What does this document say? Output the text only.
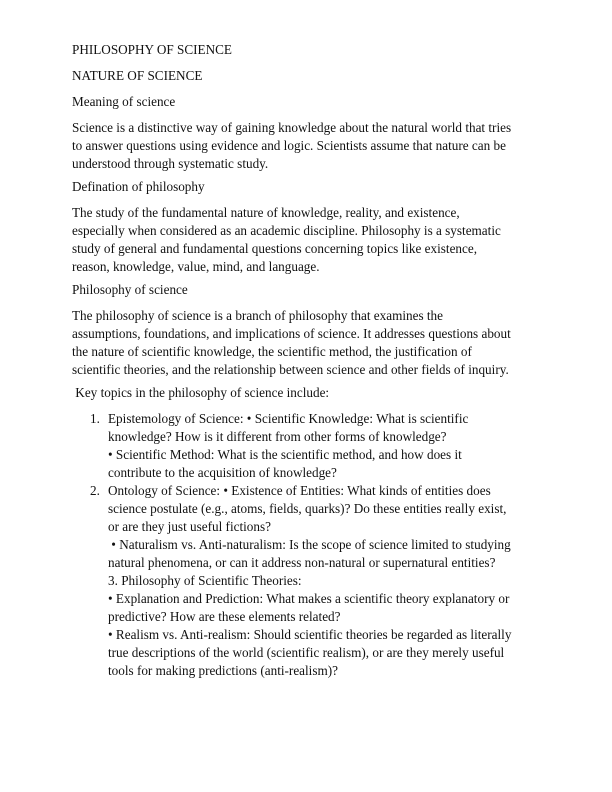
PHILOSOPHY OF SCIENCE
NATURE OF SCIENCE
Meaning of science
Science is a distinctive way of gaining knowledge about the natural world that tries
to answer questions using evidence and logic. Scientists assume that nature can be
understood through systematic study.
Defination of philosophy
The study of the fundamental nature of knowledge, reality, and existence,
especially when considered as an academic discipline. Philosophy is a systematic
study of general and fundamental questions concerning topics like existence,
reason, knowledge, value, mind, and language.
Philosophy of science
The philosophy of science is a branch of philosophy that examines the
assumptions, foundations, and implications of science. It addresses questions about
the nature of scientific knowledge, the scientific method, the justification of
scientific theories, and the relationship between science and other fields of inquiry.
Key topics in the philosophy of science include:
1. Epistemology of Science: • Scientific Knowledge: What is scientific
knowledge? How is it different from other forms of knowledge?
• Scientific Method: What is the scientific method, and how does it
contribute to the acquisition of knowledge?
2. Ontology of Science: • Existence of Entities: What kinds of entities does
science postulate (e.g., atoms, fields, quarks)? Do these entities really exist,
or are they just useful fictions?
• Naturalism vs. Anti-naturalism: Is the scope of science limited to studying
natural phenomena, or can it address non-natural or supernatural entities?
3. Philosophy of Scientific Theories:
• Explanation and Prediction: What makes a scientific theory explanatory or
predictive? How are these elements related?
• Realism vs. Anti-realism: Should scientific theories be regarded as literally
true descriptions of the world (scientific realism), or are they merely useful
tools for making predictions (anti-realism)?
